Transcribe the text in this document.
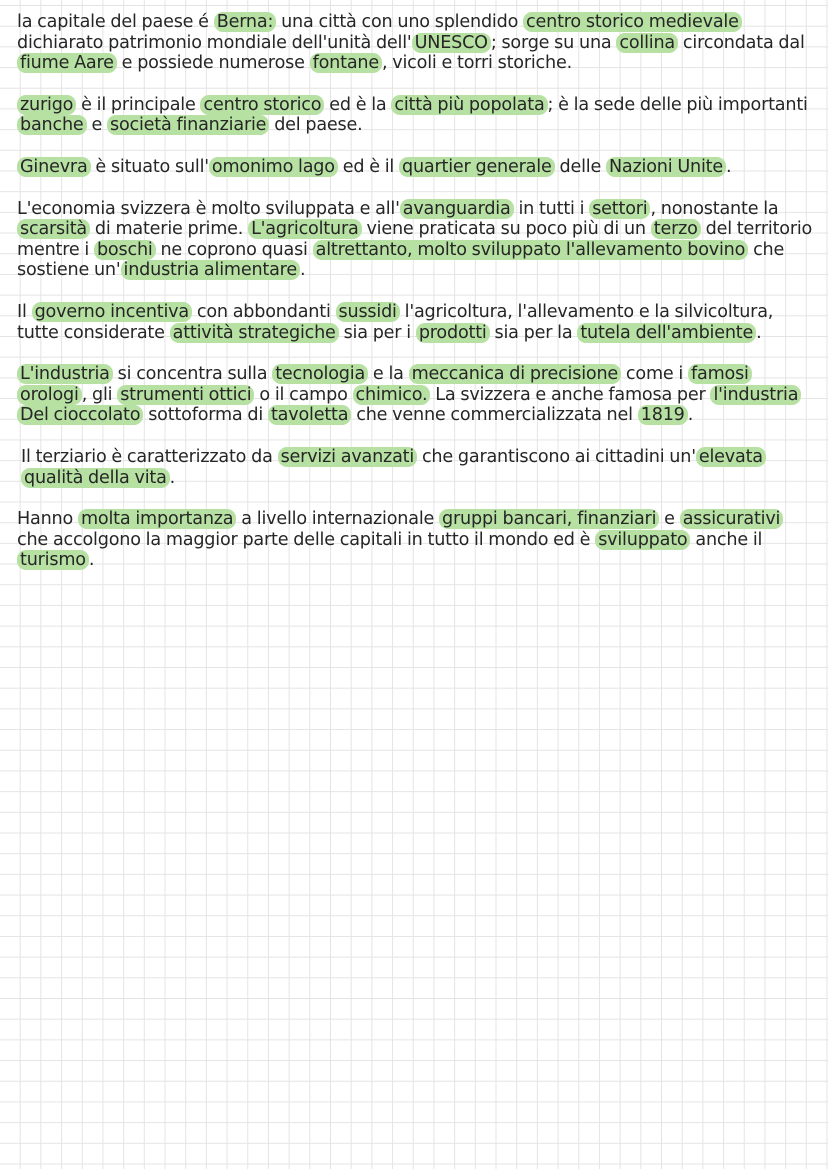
la capitale del paese é Berna: una città con uno splendido centro storico medievale dichiarato patrimonio mondiale dell'unità dell' UNESCO ; sorge su una collina circondata dal fiume Aare e possiede numerose fontane , vicoli e torri storiche.

zurigo è il principale centro storico ed è la città più popolata ; è la sede delle più importanti banche e società finanziarie del paese.

Ginevra è situato sull' omonimo lago ed è il quartier generale delle Nazioni Unite .

L'economia svizzera è molto sviluppata e all' avanguardia in tutti i settori , nonostante la scarsità di materie prime. L'agricoltura viene praticata su poco più di un terzo del territorio mentre i boschi ne coprono quasi altrettanto, molto sviluppato l'allevamento bovino che sostiene un' industria alimentare .

Il governo incentiva con abbondanti sussidi l'agricoltura, l'allevamento e la silvicoltura, tutte considerate attività strategiche sia per i prodotti sia per la tutela dell'ambiente .

L'industria si concentra sulla tecnologia e la meccanica di precisione come i famosi orologi , gli strumenti ottici o il campo chimico. La svizzera e anche famosa per l'industria Del cioccolato sottoforma di tavoletta che venne commercializzata nel 1819 .

Il terziario è caratterizzato da servizi avanzati che garantiscono ai cittadini un' elevata qualità della vita .

Hanno molta importanza a livello internazionale gruppi bancari, finanziari e assicurativi che accolgono la maggior parte delle capitali in tutto il mondo ed è sviluppato anche il turismo .
